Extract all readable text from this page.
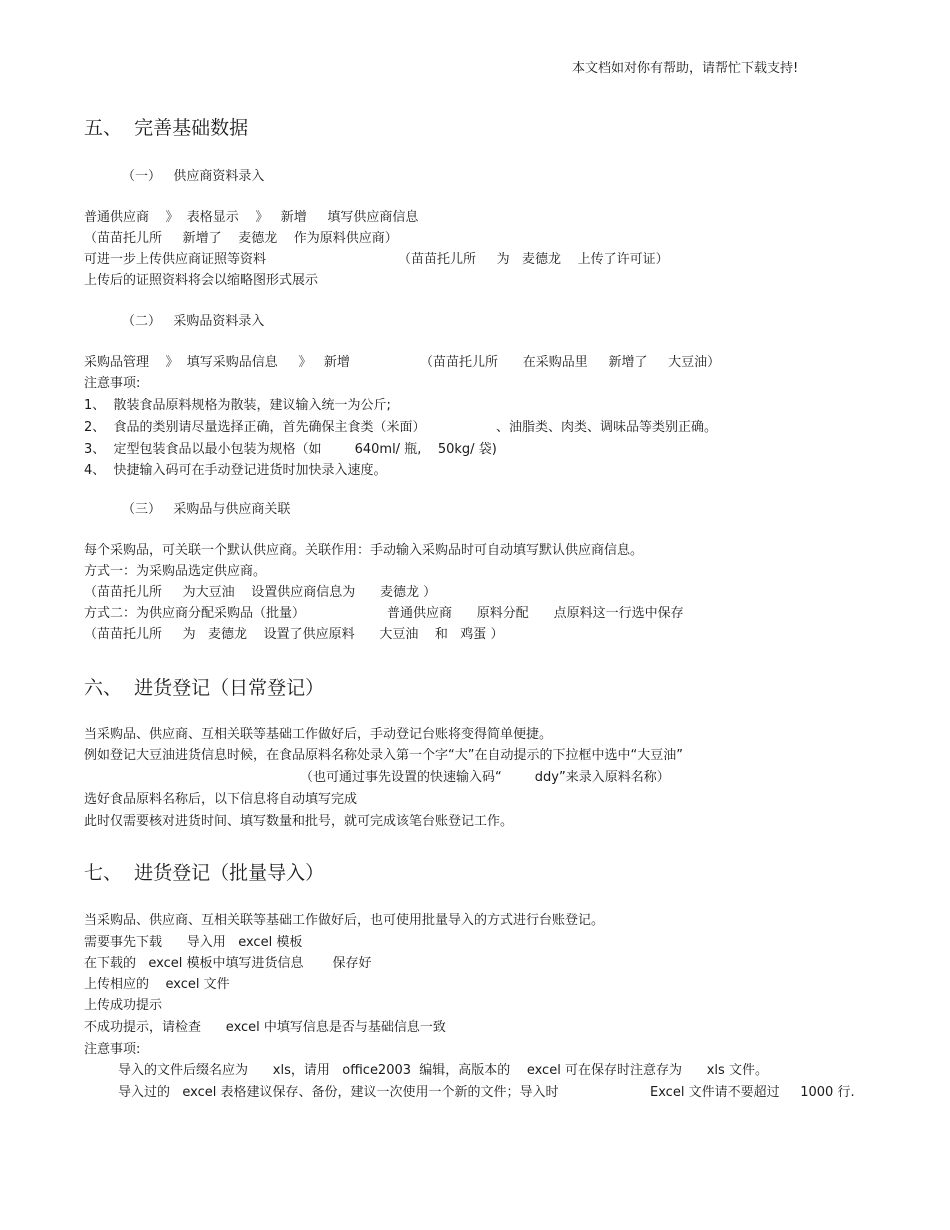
本文档如对你有帮助，请帮忙下载支持!
五、  完善基础数据
（一）   供应商资料录入
普通供应商    》  表格显示    》   新增     填写供应商信息
（苗苗托儿所     新增了    麦德龙    作为原料供应商）
可进一步上传供应商证照等资料	（苗苗托儿所     为   麦德龙    上传了许可证）
上传后的证照资料将会以缩略图形式展示
（二）   采购品资料录入
采购品管理    》  填写采购品信息     》   新增	（苗苗托儿所      在采购品里     新增了     大豆油）
注意事项:
1、  散装食品原料规格为散装，建议输入统一为公斤;
2、  食品的类别请尽量选择正确，首先确保主食类（米面）	、油脂类、肉类、调味品等类别正确。
3、  定型包装食品以最小包装为规格（如        640ml/ 瓶,    50kg/ 袋)
4、  快捷输入码可在手动登记进货时加快录入速度。
（三）   采购品与供应商关联
每个采购品，可关联一个默认供应商。关联作用：手动输入采购品时可自动填写默认供应商信息。
方式一：为采购品选定供应商。
（苗苗托儿所     为大豆油    设置供应商信息为      麦德龙 ）
方式二：为供应商分配采购品（批量）	普通供应商      原料分配      点原料这一行选中保存
（苗苗托儿所     为   麦德龙    设置了供应原料      大豆油    和   鸡蛋 ）
六、  进货登记（日常登记）
当采购品、供应商、互相关联等基础工作做好后，手动登记台账将变得简单便捷。
例如登记大豆油进货信息时候，在食品原料名称处录入第一个字“大”在自动提示的下拉框中选中“大豆油”
（也可通过事先设置的快速输入码“        ddy”来录入原料名称）
选好食品原料名称后，以下信息将自动填写完成
此时仅需要核对进货时间、填写数量和批号，就可完成该笔台账登记工作。
七、  进货登记（批量导入）
当采购品、供应商、互相关联等基础工作做好后，也可使用批量导入的方式进行台账登记。
需要事先下载      导入用   excel 模板
在下载的   excel 模板中填写进货信息       保存好
上传相应的    excel 文件
上传成功提示
不成功提示，请检查      excel 中填写信息是否与基础信息一致
注意事项:
导入的文件后缀名应为      xls，请用   office2003  编辑，高版本的    excel 可在保存时注意存为      xls 文件。
导入过的   excel 表格建议保存、备份，建议一次使用一个新的文件；导入时	Excel 文件请不要超过     1000 行.
